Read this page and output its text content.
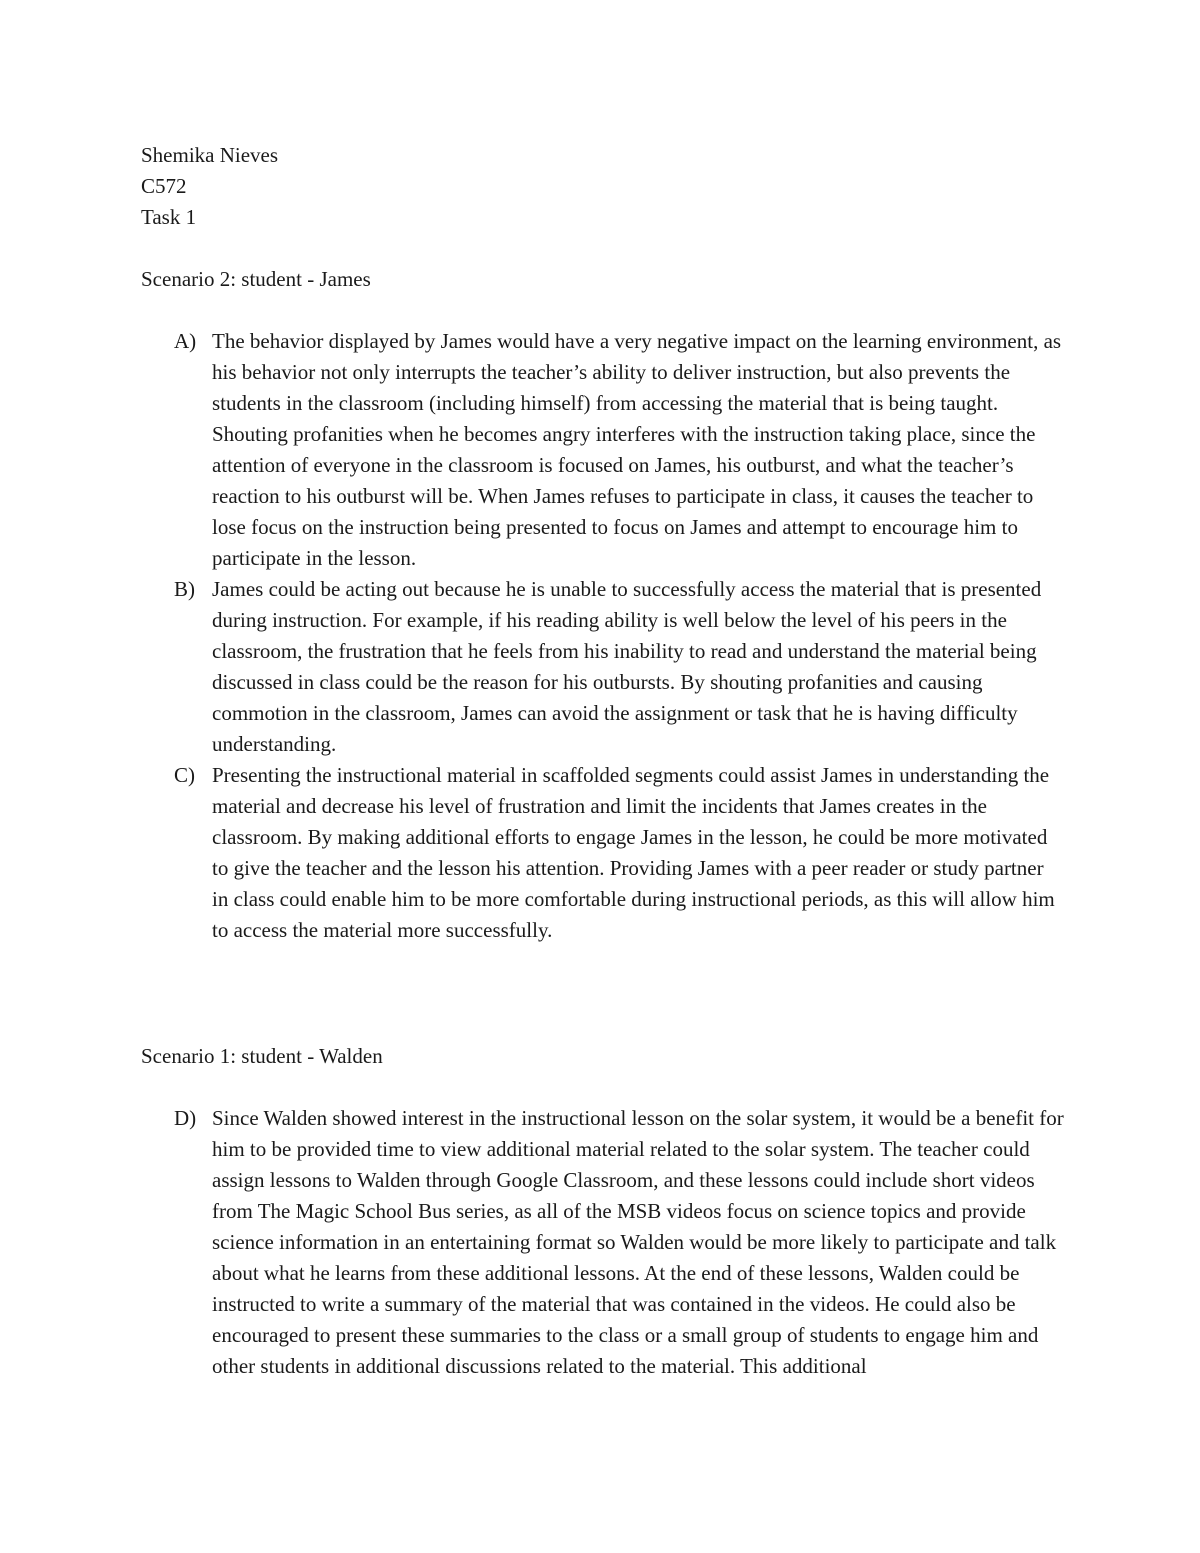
Shemika Nieves

C572

Task 1

Scenario 2: student - James

A) The behavior displayed by James would have a very negative impact on the learning environment, as his behavior not only interrupts the teacher’s ability to deliver instruction, but also prevents the students in the classroom (including himself) from accessing the material that is being taught. Shouting profanities when he becomes angry interferes with the instruction taking place, since the attention of everyone in the classroom is focused on James, his outburst, and what the teacher’s reaction to his outburst will be. When James refuses to participate in class, it causes the teacher to lose focus on the instruction being presented to focus on James and attempt to encourage him to participate in the lesson.

B) James could be acting out because he is unable to successfully access the material that is presented during instruction. For example, if his reading ability is well below the level of his peers in the classroom, the frustration that he feels from his inability to read and understand the material being discussed in class could be the reason for his outbursts. By shouting profanities and causing commotion in the classroom, James can avoid the assignment or task that he is having difficulty understanding.

C) Presenting the instructional material in scaffolded segments could assist James in understanding the material and decrease his level of frustration and limit the incidents that James creates in the classroom. By making additional efforts to engage James in the lesson, he could be more motivated to give the teacher and the lesson his attention. Providing James with a peer reader or study partner in class could enable him to be more comfortable during instructional periods, as this will allow him to access the material more successfully.

Scenario 1: student - Walden

D) Since Walden showed interest in the instructional lesson on the solar system, it would be a benefit for him to be provided time to view additional material related to the solar system. The teacher could assign lessons to Walden through Google Classroom, and these lessons could include short videos from The Magic School Bus series, as all of the MSB videos focus on science topics and provide science information in an entertaining format so Walden would be more likely to participate and talk about what he learns from these additional lessons. At the end of these lessons, Walden could be instructed to write a summary of the material that was contained in the videos. He could also be encouraged to present these summaries to the class or a small group of students to engage him and other students in additional discussions related to the material. This additional
